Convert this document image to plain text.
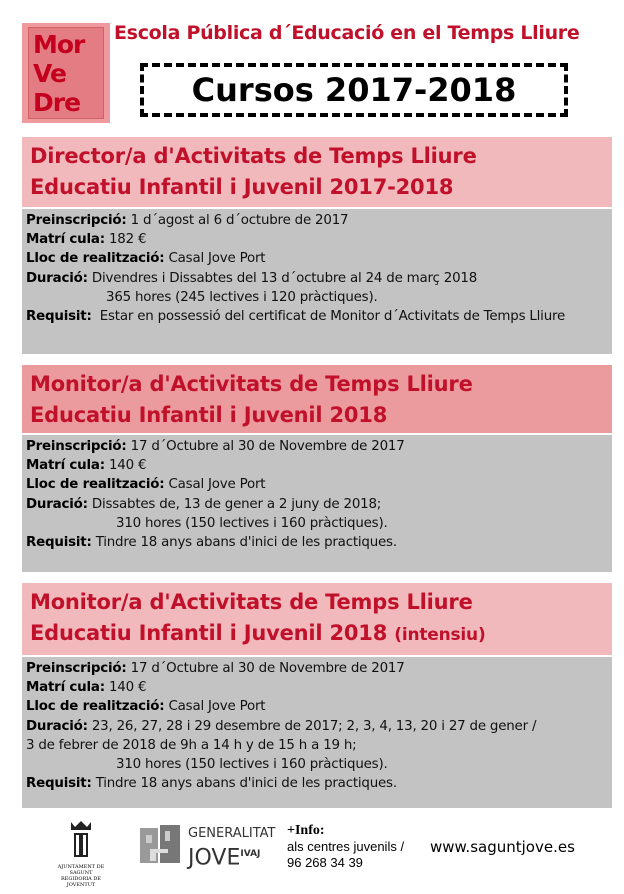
Mor
Ve
Dre
Escola Pública d´Educació en el Temps Lliure
Cursos 2017-2018
Director/a d'Activitats de Temps Lliure
Educatiu Infantil i Juvenil 2017-2018
Preinscripció: 1 d´agost al 6 d´octubre de 2017
Matrí cula: 182 €
Lloc de realització: Casal Jove Port
Duració: Divendres i Dissabtes del 13 d´octubre al 24 de març 2018
365 hores (245 lectives i 120 pràctiques).
Requisit: Estar en possessió del certificat de Monitor d´Activitats de Temps Lliure
Monitor/a d'Activitats de Temps Lliure
Educatiu Infantil i Juvenil 2018
Preinscripció: 17 d´Octubre al 30 de Novembre de 2017
Matrí cula: 140 €
Lloc de realització: Casal Jove Port
Duració: Dissabtes de, 13 de gener a 2 juny de 2018;
310 hores (150 lectives i 160 pràctiques).
Requisit: Tindre 18 anys abans d'inici de les practiques.
Monitor/a d'Activitats de Temps Lliure
Educatiu Infantil i Juvenil 2018 (intensiu)
Preinscripció: 17 d´Octubre al 30 de Novembre de 2017
Matrí cula: 140 €
Lloc de realització: Casal Jove Port
Duració: 23, 26, 27, 28 i 29 desembre de 2017; 2, 3, 4, 13, 20 i 27 de gener /
3 de febrer de 2018 de 9h a 14 h y de 15 h a 19 h;
310 hores (150 lectives i 160 pràctiques).
Requisit: Tindre 18 anys abans d'inici de les practiques.
AJUNTAMENT DE SAGUNT
REGIDORIA DE JOVENTUT
GENERALITAT
$JOVE^{IVAJ}$
+Info:
als centres juvenils /
96 268 34 39
www.saguntjove.es
